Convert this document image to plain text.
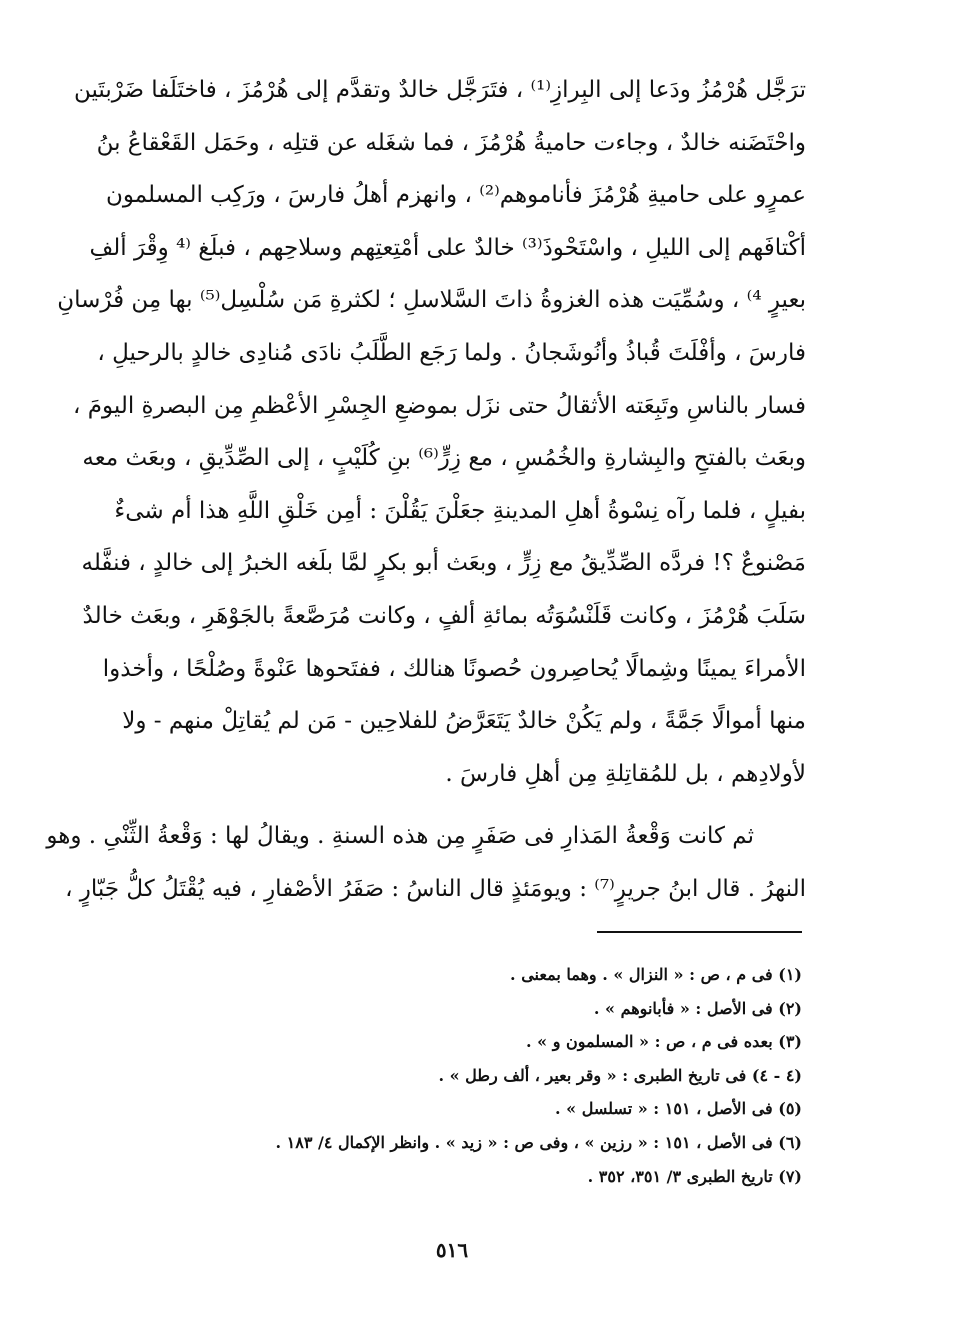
ترَجَّل هُرْمُزُ ودَعا إلى البِرازِ⁽¹⁾ ، فتَرَجَّل خالدٌ وتقدَّم إلى هُرْمُزَ ، فاختَلَفا ضَرْبتَين
واحْتَضَنه خالدٌ ، وجاءت حاميةُ هُرْمُزَ ، فما شغَله عن قتلِه ، وحَمَل القَعْقاعُ بنُ
عمرٍو على حاميةِ هُرْمُزَ فأناموهم⁽²⁾ ، وانهزم أهلُ فارسَ ، ورَكِب المسلمون
أكْتافَهم إلى الليلِ ، واسْتَحْوذَ⁽³⁾ خالدٌ على أمْتِعتِهم وسلاحِهم ، فبلَغ ⁽⁴ وِقْرَ ألفِ
بعيرٍ ⁴⁾ ، وسُمِّيَت هذه الغزوةُ ذاتَ السَّلاسلِ ؛ لكثرةِ مَن سُلْسِل⁽⁵⁾ بها مِن فُرْسانِ
فارسَ ، وأفْلَتَ قُباذُ وأنُوشَجانُ . ولما رَجَع الطَّلَبُ نادَى مُنادِى خالدٍ بالرحيلِ ،
فسار بالناسِ وتَبِعَته الأثقالُ حتى نزَل بموضعِ الجِسْرِ الأعْظمِ مِن البصرةِ اليومَ ،
وبعَث بالفتحِ والبِشارةِ والخُمُسِ ، مع زِرٍّ⁽⁶⁾ بنِ كُلَيْبٍ ، إلى الصِّدِّيقِ ، وبعَث معه
بفيلٍ ، فلما رآه نِسْوةُ أهلِ المدينةِ جعَلْنَ يَقُلْنَ : أمِن خَلْقِ اللَّهِ هذا أم شىءٌ
مَصْنوعٌ ؟! فردَّه الصِّدِّيقُ مع زِرٍّ ، وبعَث أبو بكرٍ لمَّا بلَغه الخبرُ إلى خالدٍ ، فنفَّله
سَلَبَ هُرْمُزَ ، وكانت قَلَنْسُوَتُه بمائةِ ألفٍ ، وكانت مُرَصَّعةً بالجَوْهَرِ ، وبعَث خالدٌ
الأمراءَ يمينًا وشِمالًا يُحاصِرون حُصونًا هنالك ، ففتَحوها عَنْوةً وصُلْحًا ، وأخذوا
منها أموالًا جَمَّةً ، ولم يَكُنْ خالدٌ يَتَعَرَّضُ للفلاحِين - مَن لم يُقاتِلْ منهم - ولا
لأولادِهم ، بل للمُقاتِلةِ مِن أهلِ فارسَ .
ثم كانت وَقْعةُ المَذارِ فى صَفَرٍ مِن هذه السنةِ . ويقالُ لها : وَقْعةُ الثِّنْىِ . وهو
النهرُ . قال ابنُ جريرٍ⁽⁷⁾ : ويومَئذٍ قال الناسُ : صَفَرُ الأصْفارِ ، فيه يُقْتَلُ كلُّ جَبّارٍ ،
(١) فى م ، ص : « النزال » . وهما بمعنى .
(٢) فى الأصل : « فأبانوهم » .
(٣) بعده فى م ، ص : « المسلمون و » .
(٤ - ٤) فى تاريخ الطبرى : « وقر بعير ، ألف رطل » .
(٥) فى الأصل ، ١٥١ : « تسلسل » .
(٦) فى الأصل ، ١٥١ : « رزين » ، وفى ص : « زيد » . وانظر الإكمال ٤/ ١٨٣ .
(٧) تاريخ الطبرى ٣/ ٣٥١، ٣٥٢ .
٥١٦
